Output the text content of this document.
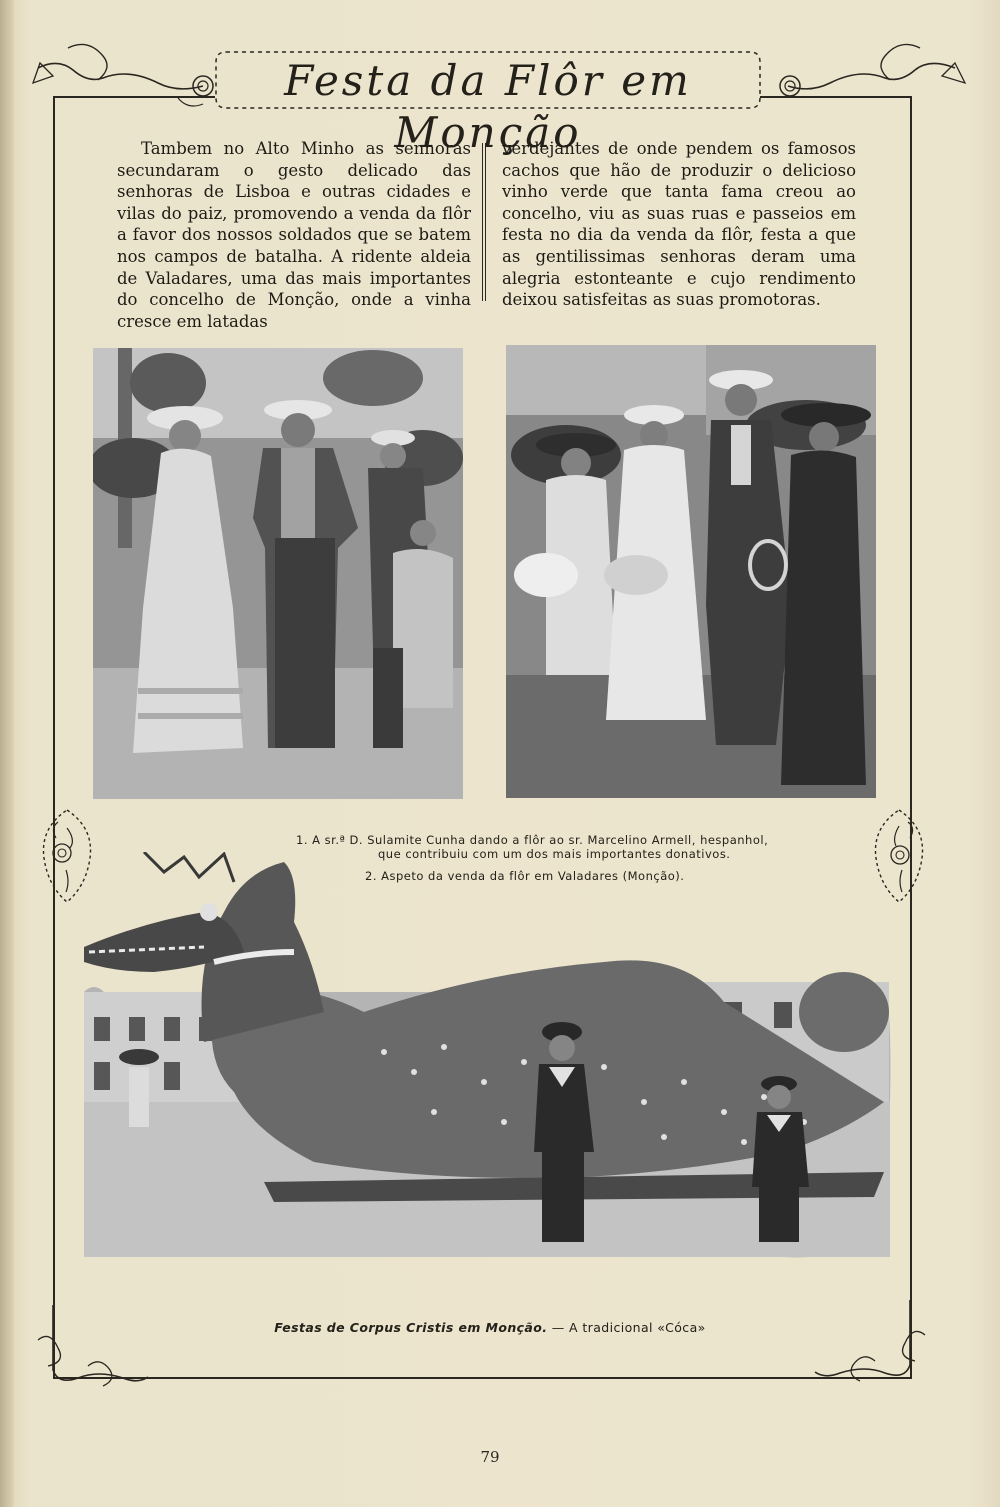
Festa da Flôr em Monção
Tambem no Alto Minho as senhoras secundaram o gesto delicado das senhoras de Lisboa e outras cidades e vilas do paiz, promovendo a venda da flôr a favor dos nossos soldados que se batem nos campos de batalha. A ridente aldeia de Valadares, uma das mais importantes do concelho de Monção, onde a vinha cresce em latadas
verdejantes de onde pendem os famosos cachos que hão de produzir o delicioso vinho verde que tanta fama creou ao concelho, viu as suas ruas e passeios em festa no dia da venda da flôr, festa a que as gentilissimas senhoras deram uma alegria estonteante e cujo rendimento deixou satisfeitas as suas promotoras.
1. A sr.ª D. Sulamite Cunha dando a flôr ao sr. Marcelino Armell, hespanhol,
que contribuiu com um dos mais importantes donativos.
2. Aspeto da venda da flôr em Valadares (Monção).
Festas de Corpus Cristis em Monção. — A tradicional «Cóca»
79
